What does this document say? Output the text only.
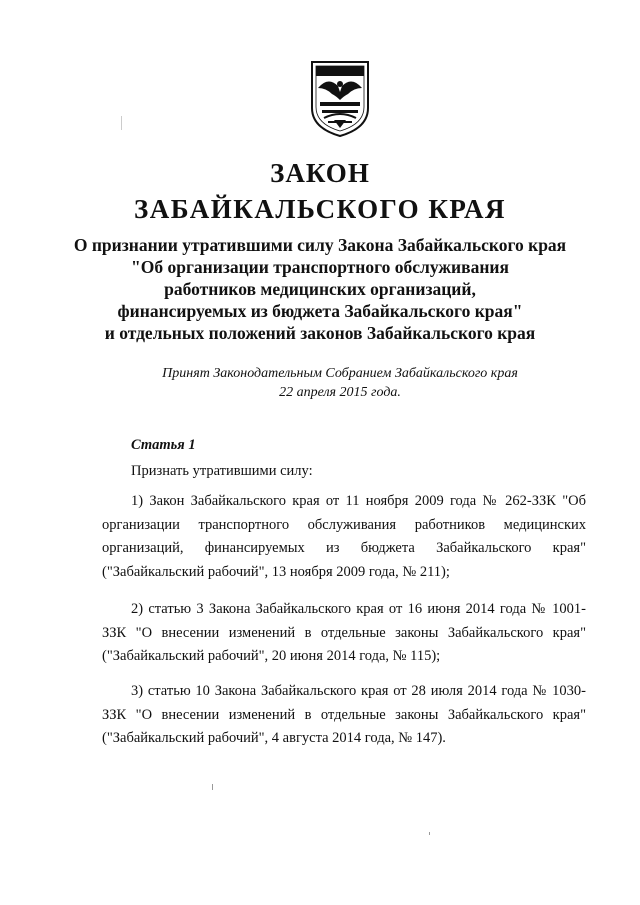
ЗАКОН
ЗАБАЙКАЛЬСКОГО КРАЯ
О признании утратившими силу Закона Забайкальского края
"Об организации транспортного обслуживания
работников медицинских организаций,
финансируемых из бюджета Забайкальского края"
и отдельных положений законов Забайкальского края
Принят Законодательным Собранием Забайкальского края
22 апреля 2015 года.
Статья 1
Признать утратившими силу:
1) Закон Забайкальского края от 11 ноября 2009 года № 262-ЗЗК "Об организации транспортного обслуживания работников медицинских организаций, финансируемых из бюджета Забайкальского края" ("Забайкальский рабочий", 13 ноября 2009 года, № 211);
2) статью 3 Закона Забайкальского края от 16 июня 2014 года № 1001-ЗЗК "О внесении изменений в отдельные законы Забайкальского края" ("Забайкальский рабочий", 20 июня 2014 года, № 115);
3) статью 10 Закона Забайкальского края от 28 июля 2014 года № 1030-ЗЗК "О внесении изменений в отдельные законы Забайкальского края" ("Забайкальский рабочий", 4 августа 2014 года, № 147).
